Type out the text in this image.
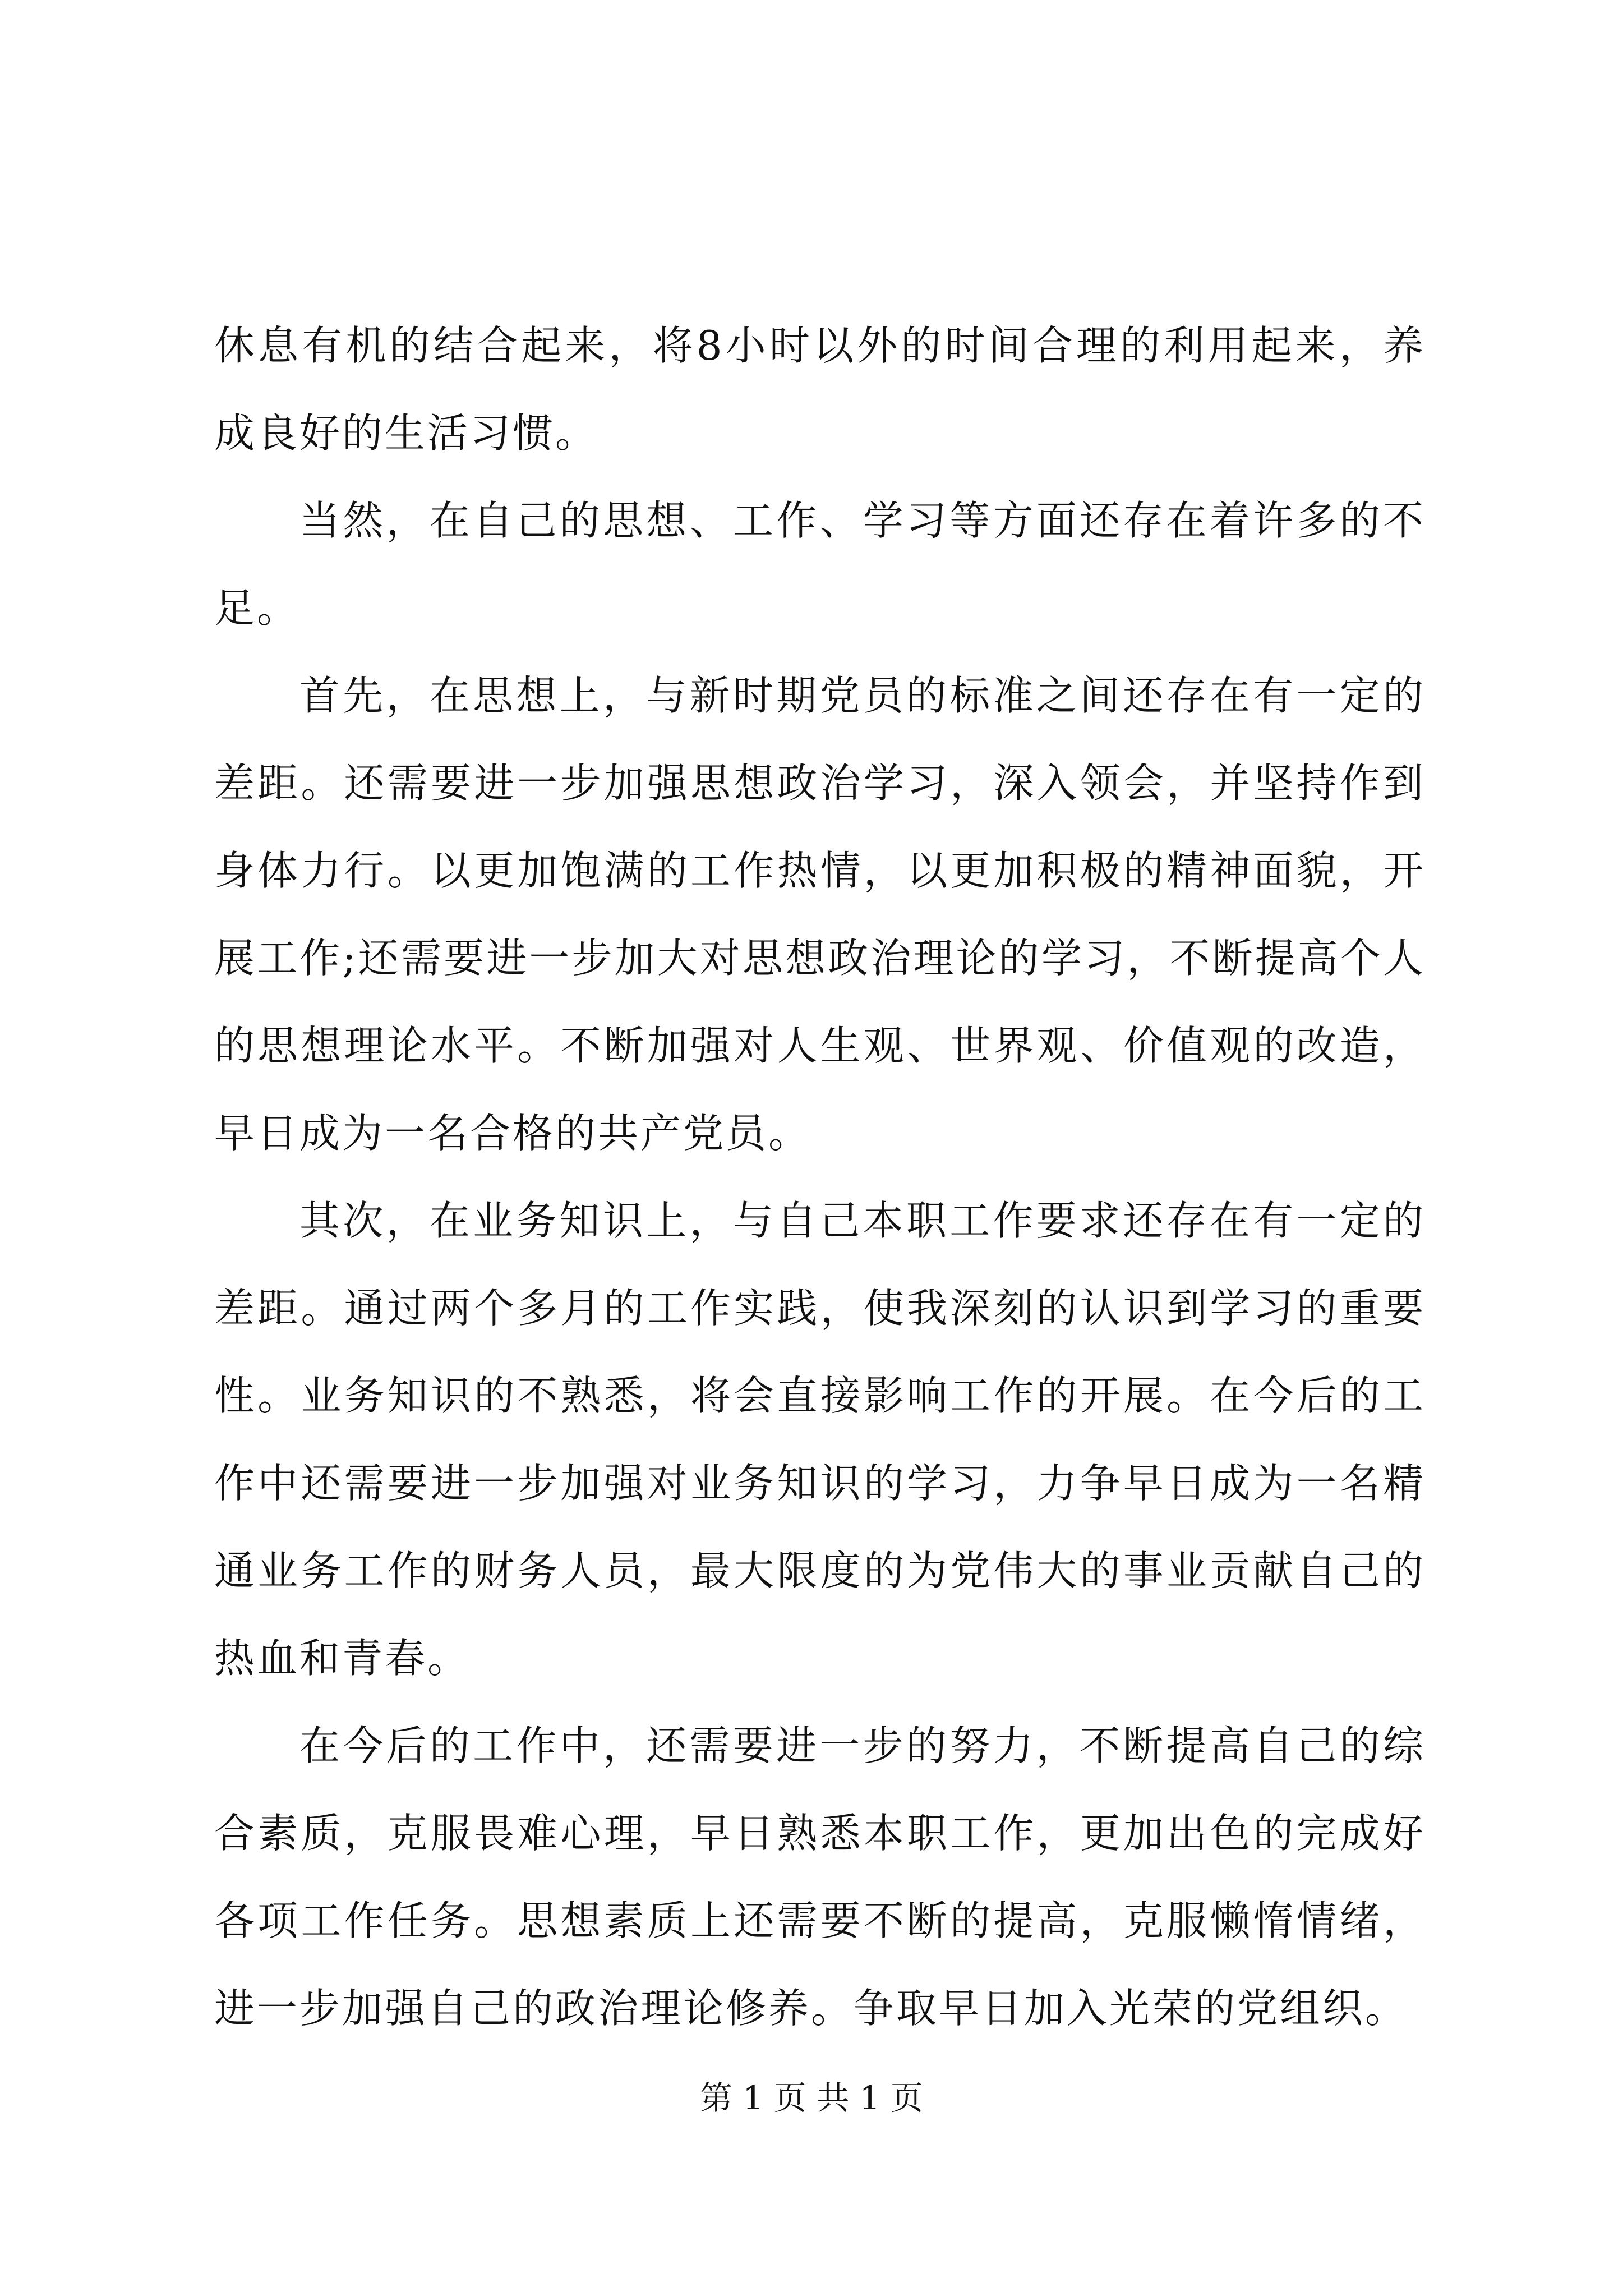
休息有机的结合起来，将8小时以外的时间合理的利用起来，养成良好的生活习惯。

当然，在自己的思想、工作、学习等方面还存在着许多的不足。

首先，在思想上，与新时期党员的标准之间还存在有一定的差距。还需要进一步加强思想政治学习，深入领会，并坚持作到身体力行。以更加饱满的工作热情，以更加积极的精神面貌，开展工作;还需要进一步加大对思想政治理论的学习，不断提高个人的思想理论水平。不断加强对人生观、世界观、价值观的改造，早日成为一名合格的共产党员。

其次，在业务知识上，与自己本职工作要求还存在有一定的差距。通过两个多月的工作实践，使我深刻的认识到学习的重要性。业务知识的不熟悉，将会直接影响工作的开展。在今后的工作中还需要进一步加强对业务知识的学习，力争早日成为一名精通业务工作的财务人员，最大限度的为党伟大的事业贡献自己的热血和青春。

在今后的工作中，还需要进一步的努力，不断提高自己的综合素质，克服畏难心理，早日熟悉本职工作，更加出色的完成好各项工作任务。思想素质上还需要不断的提高，克服懒惰情绪，进一步加强自己的政治理论修养。争取早日加入光荣的党组织。

第 1 页 共 1 页
